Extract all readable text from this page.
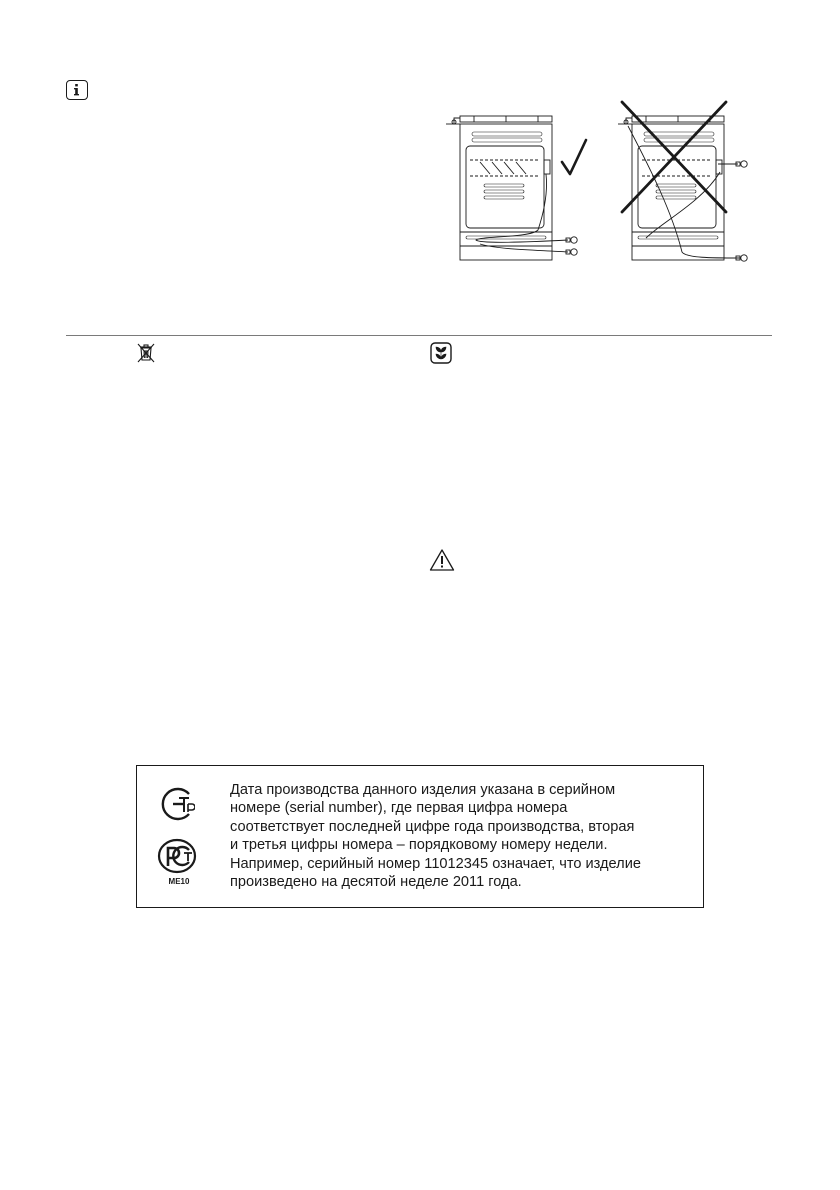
ME10

Дата производства данного изделия указана в серийном
номере (serial number), где первая цифра номера
соответствует последней цифре года производства, вторая
и третья цифры номера – порядковому номеру недели.
Например, серийный номер 11012345 означает, что изделие
произведено на десятой неделе 2011 года.
